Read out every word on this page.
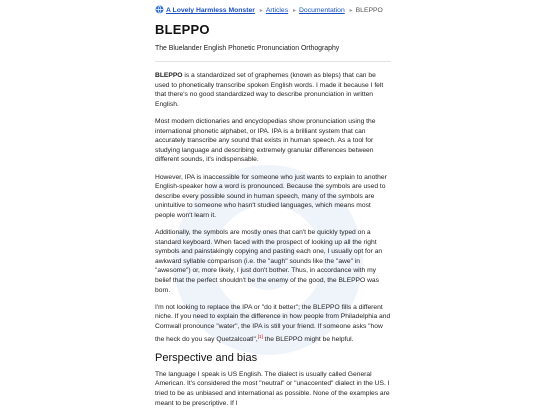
A Lovely Harmless Monster ▸ Articles ▸ Documentation ▸ BLEPPO
BLEPPO

The Bluelander English Phonetic Pronunciation Orthography

BLEPPO is a standardized set of graphemes (known as bleps) that can be used to phonetically transcribe spoken English words. I made it because I felt that there's no good standardized way to describe pronunciation in written English.

Most modern dictionaries and encyclopedias show pronunciation using the international phonetic alphabet, or IPA. IPA is a brilliant system that can accurately transcribe any sound that exists in human speech. As a tool for studying language and describing extremely granular differences between different sounds, it's indispensable.

However, IPA is inaccessible for someone who just wants to explain to another English-speaker how a word is pronounced. Because the symbols are used to describe every possible sound in human speech, many of the symbols are unintuitive to someone who hasn't studied languages, which means most people won't learn it.

Additionally, the symbols are mostly ones that can't be quickly typed on a standard keyboard. When faced with the prospect of looking up all the right symbols and painstakingly copying and pasting each one, I usually opt for an awkward syllable comparison (i.e. the "augh" sounds like the "awe" in "awesome") or, more likely, I just don't bother. Thus, in accordance with my belief that the perfect shouldn't be the enemy of the good, the BLEPPO was born.

I'm not looking to replace the IPA or "do it better"; the BLEPPO fills a different niche. If you need to explain the difference in how people from Philadelphia and Cornwall pronounce "water", the IPA is still your friend. If someone asks "how the heck do you say Quetzalcoatl",[1] the BLEPPO might be helpful.

Perspective and bias

The language I speak is US English. The dialect is usually called General American. It's considered the most "neutral" or "unaccented" dialect in the US. I tried to be as unbiased and international as possible. None of the examples are meant to be prescriptive. If I
